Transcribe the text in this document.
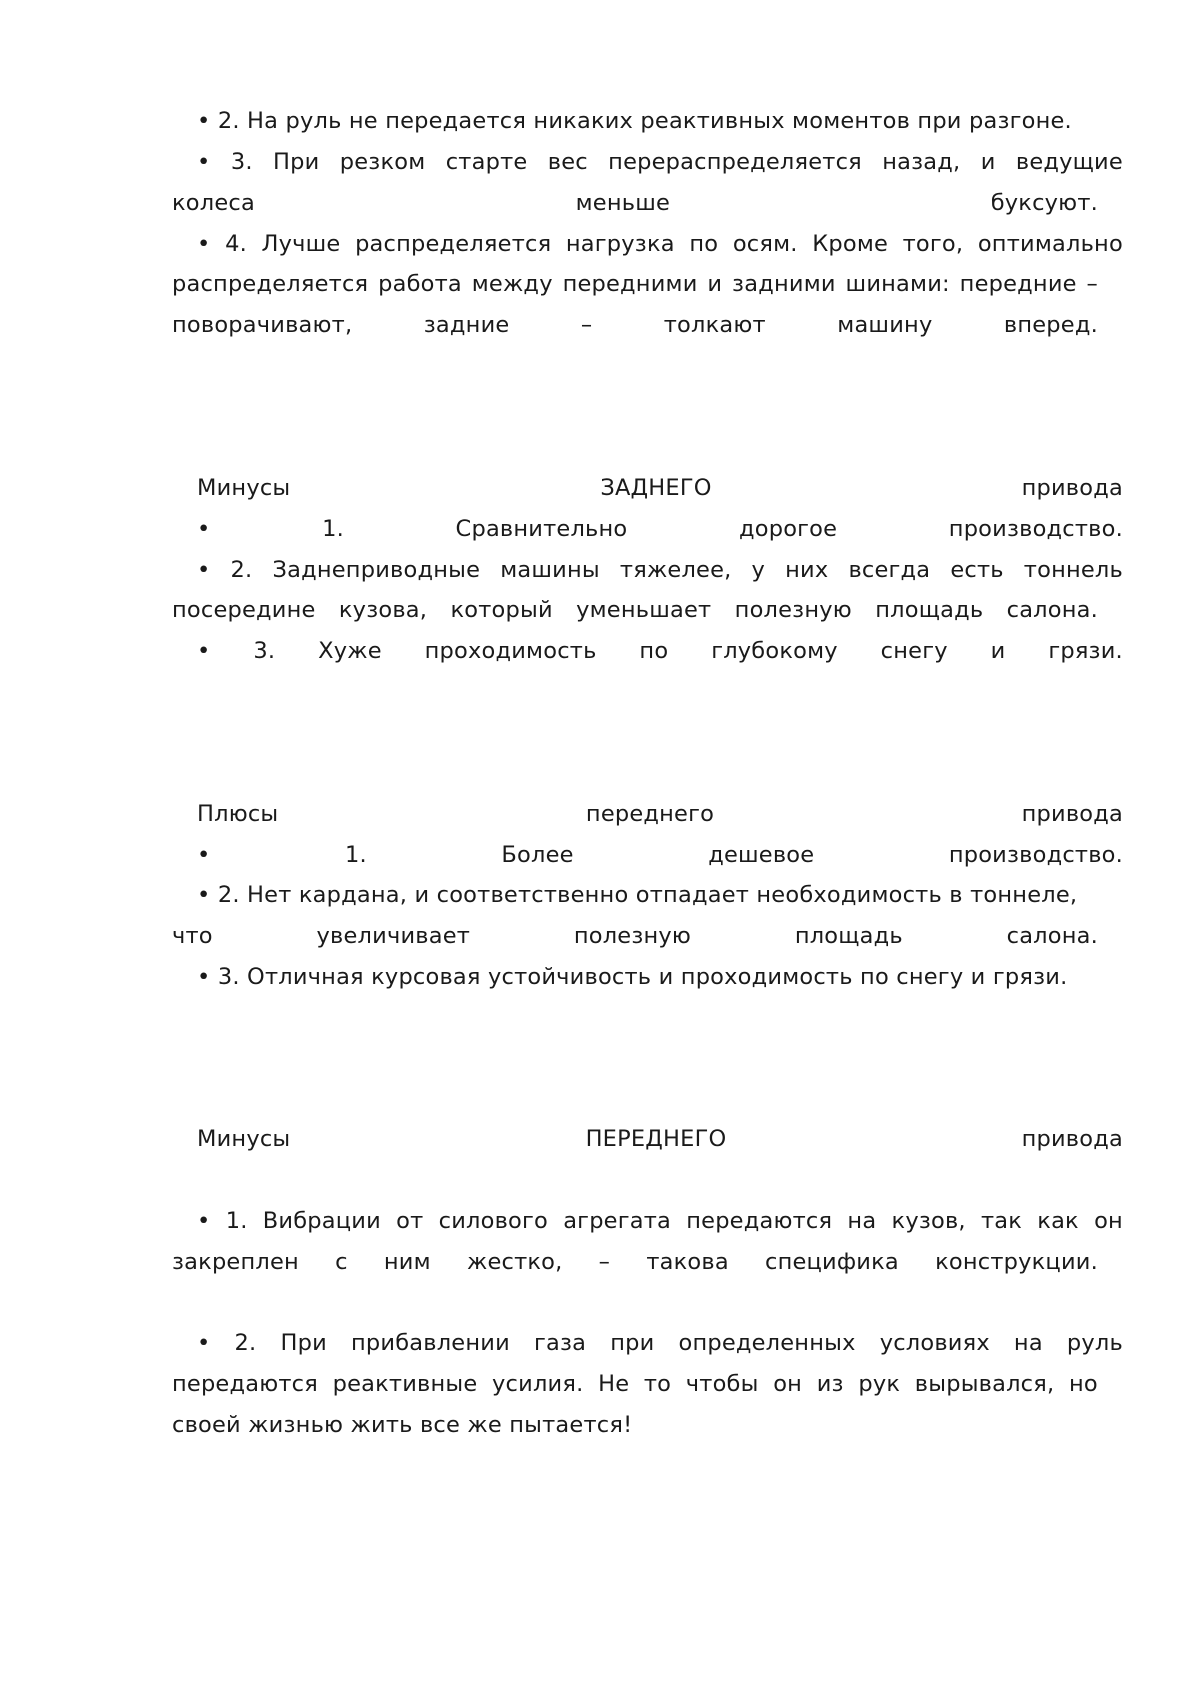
• 2. На руль не передается никаких реактивных моментов при разгоне.
• 3. При резком старте вес перераспределяется назад, и ведущие
колеса	меньше	буксуют.
• 4. Лучше распределяется нагрузка по осям. Кроме того, оптимально
распределяется работа между передними и задними шинами: передние –
поворачивают,	задние	–	толкают	машину	вперед.
Минусы	ЗАДНЕГО	привода
•	1.	Сравнительно	дорогое	производство.
• 2. Заднеприводные машины тяжелее, у них всегда есть тоннель
посередине кузова, который уменьшает полезную площадь салона.
• 3. Хуже проходимость по глубокому снегу и грязи.
Плюсы	переднего	привода
•	1.	Более	дешевое	производство.
• 2. Нет кардана, и соответственно отпадает необходимость в тоннеле,
что	увеличивает	полезную	площадь	салона.
• 3. Отличная курсовая устойчивость и проходимость по снегу и грязи.
Минусы	ПЕРЕДНЕГО	привода
• 1. Вибрации от силового агрегата передаются на кузов, так как он
закреплен с ним жестко, – такова специфика конструкции.
• 2. При прибавлении газа при определенных условиях на руль
передаются реактивные усилия. Не то чтобы он из рук вырывался, но
своей жизнью жить все же пытается!
